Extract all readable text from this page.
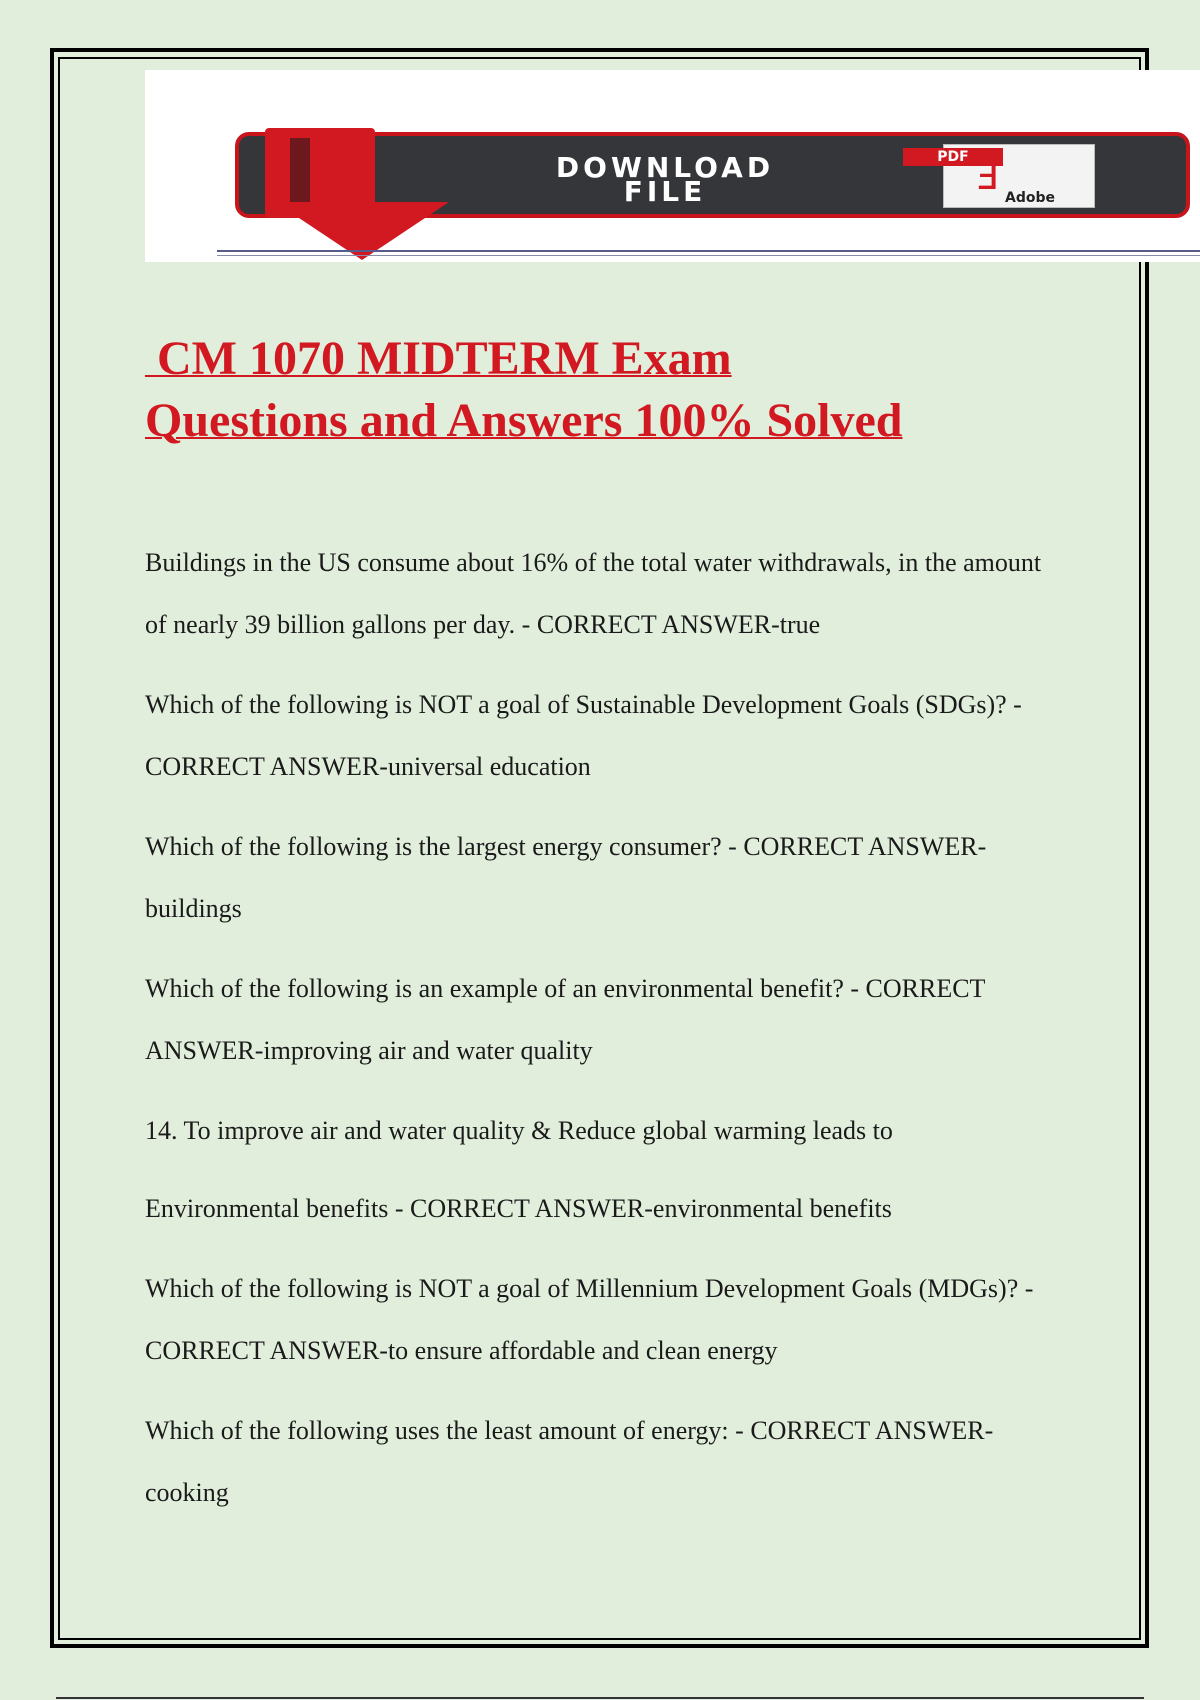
DOWNLOAD
FILE
PDF Ⅎ Adobe
CM 1070 MIDTERM Exam
Questions and Answers 100% Solved

Buildings in the US consume about 16% of the total water withdrawals, in the amount of nearly 39 billion gallons per day. - CORRECT ANSWER-true

Which of the following is NOT a goal of Sustainable Development Goals (SDGs)? - CORRECT ANSWER-universal education

Which of the following is the largest energy consumer? - CORRECT ANSWER-buildings

Which of the following is an example of an environmental benefit? - CORRECT ANSWER-improving air and water quality

14. To improve air and water quality & Reduce global warming leads to

Environmental benefits - CORRECT ANSWER-environmental benefits

Which of the following is NOT a goal of Millennium Development Goals (MDGs)? - CORRECT ANSWER-to ensure affordable and clean energy

Which of the following uses the least amount of energy: - CORRECT ANSWER-cooking
